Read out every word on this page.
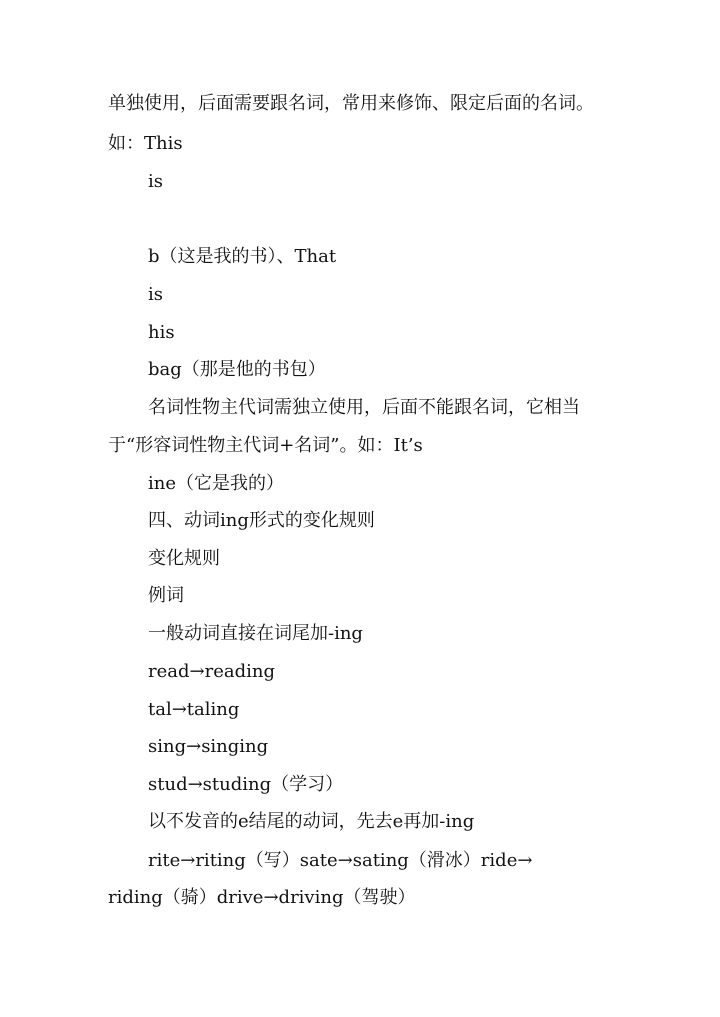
单独使用，后面需要跟名词，常用来修饰、限定后面的名词。
如：This
is
b（这是我的书）、That
is
his
bag（那是他的书包）
名词性物主代词需独立使用，后面不能跟名词，它相当
于“形容词性物主代词+名词”。如：It’s
ine（它是我的）
四、动词ing形式的变化规则
变化规则
例词
一般动词直接在词尾加-ing
read→reading
tal→taling
sing→singing
stud→studing（学习）
以不发音的e结尾的动词，先去e再加-ing
rite→riting（写）sate→sating（滑冰）ride→
riding（骑）drive→driving（驾驶）
